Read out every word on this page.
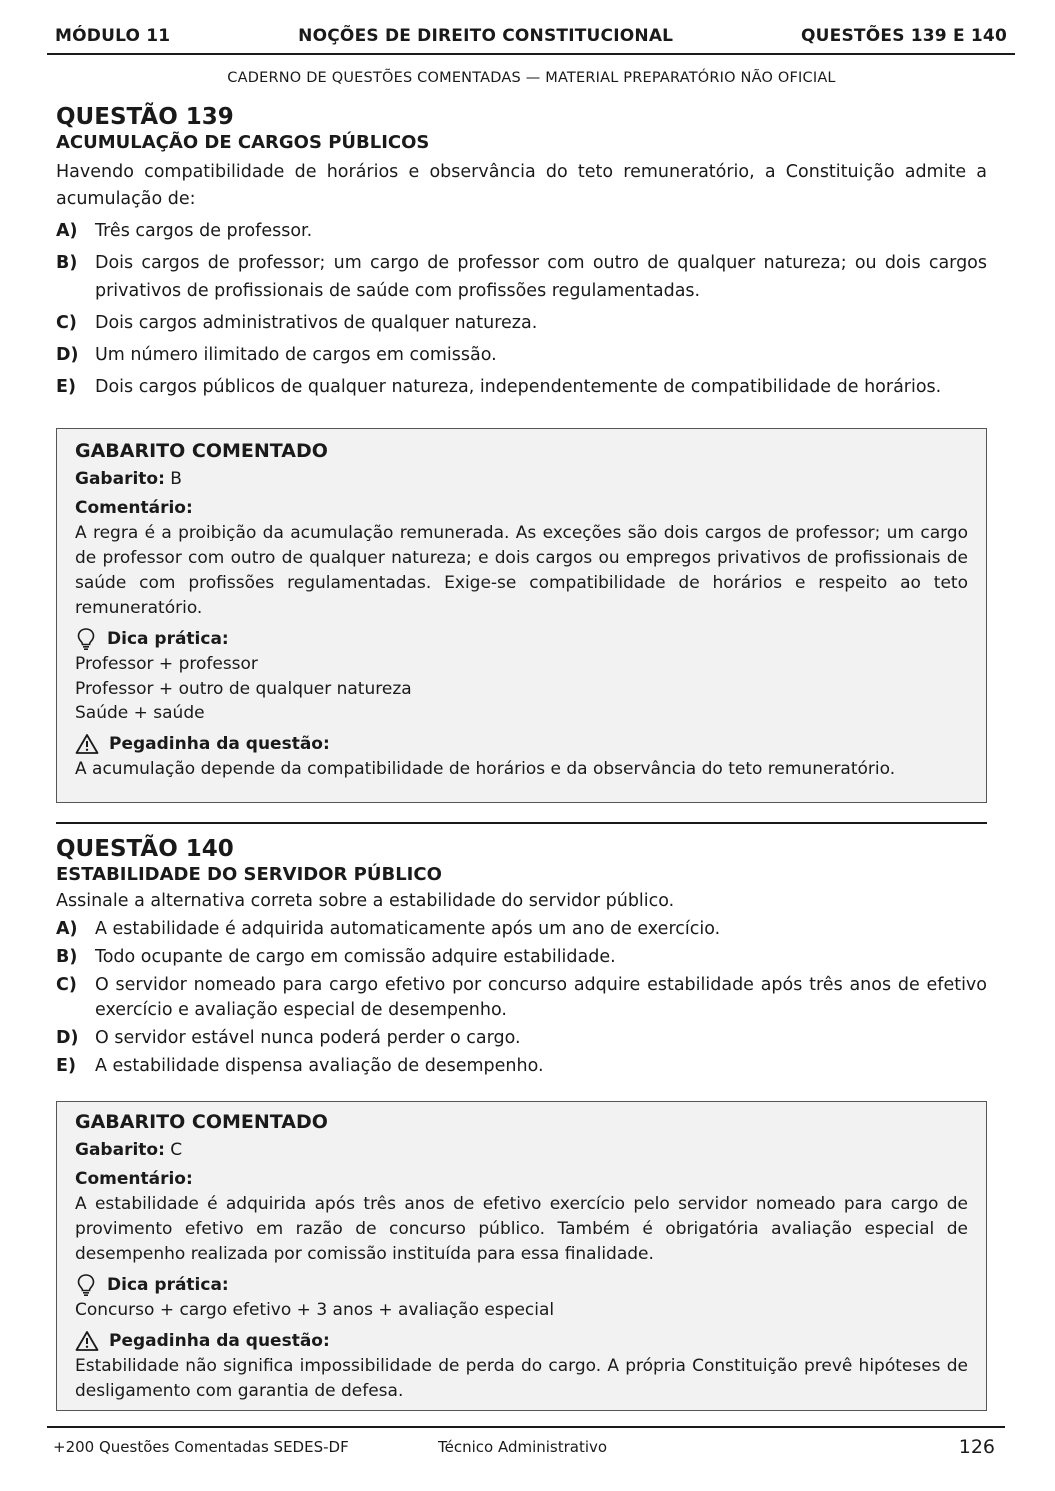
MÓDULO 11	NOÇÕES DE DIREITO CONSTITUCIONAL	QUESTÕES 139 E 140
CADERNO DE QUESTÕES COMENTADAS — MATERIAL PREPARATÓRIO NÃO OFICIAL
QUESTÃO 139
ACUMULAÇÃO DE CARGOS PÚBLICOS
Havendo compatibilidade de horários e observância do teto remuneratório, a Constituição admite a acumulação de:
A) Três cargos de professor.
B)	Dois cargos de professor; um cargo de professor com outro de qualquer natureza; ou dois cargos privativos de profissionais de saúde com profissões regulamentadas.
C)	Dois cargos administrativos de qualquer natureza.
D) Um número ilimitado de cargos em comissão.
E)	Dois cargos públicos de qualquer natureza, independentemente de compatibilidade de horários.
GABARITO COMENTADO
Gabarito: B
Comentário:
A regra é a proibição da acumulação remunerada. As exceções são dois cargos de professor; um cargo de professor com outro de qualquer natureza; e dois cargos ou empregos privativos de profissionais de saúde com profissões regulamentadas. Exige-se compatibilidade de horários e respeito ao teto remuneratório.
Dica prática:
Professor + professor
Professor + outro de qualquer natureza
Saúde + saúde
Pegadinha da questão:
A acumulação depende da compatibilidade de horários e da observância do teto remuneratório.
QUESTÃO 140
ESTABILIDADE DO SERVIDOR PÚBLICO
Assinale a alternativa correta sobre a estabilidade do servidor público.
A) A estabilidade é adquirida automaticamente após um ano de exercício.
B)	Todo ocupante de cargo em comissão adquire estabilidade.
C)	O servidor nomeado para cargo efetivo por concurso adquire estabilidade após três anos de efetivo exercício e avaliação especial de desempenho.
D) O servidor estável nunca poderá perder o cargo.
E)	A estabilidade dispensa avaliação de desempenho.
GABARITO COMENTADO
Gabarito: C
Comentário:
A estabilidade é adquirida após três anos de efetivo exercício pelo servidor nomeado para cargo de provimento efetivo em razão de concurso público. Também é obrigatória avaliação especial de desempenho realizada por comissão instituída para essa finalidade.
Dica prática:
Concurso + cargo efetivo + 3 anos + avaliação especial
Pegadinha da questão:
Estabilidade não significa impossibilidade de perda do cargo. A própria Constituição prevê hipóteses de desligamento com garantia de defesa.
+200 Questões Comentadas SEDES-DF	Técnico Administrativo	126
